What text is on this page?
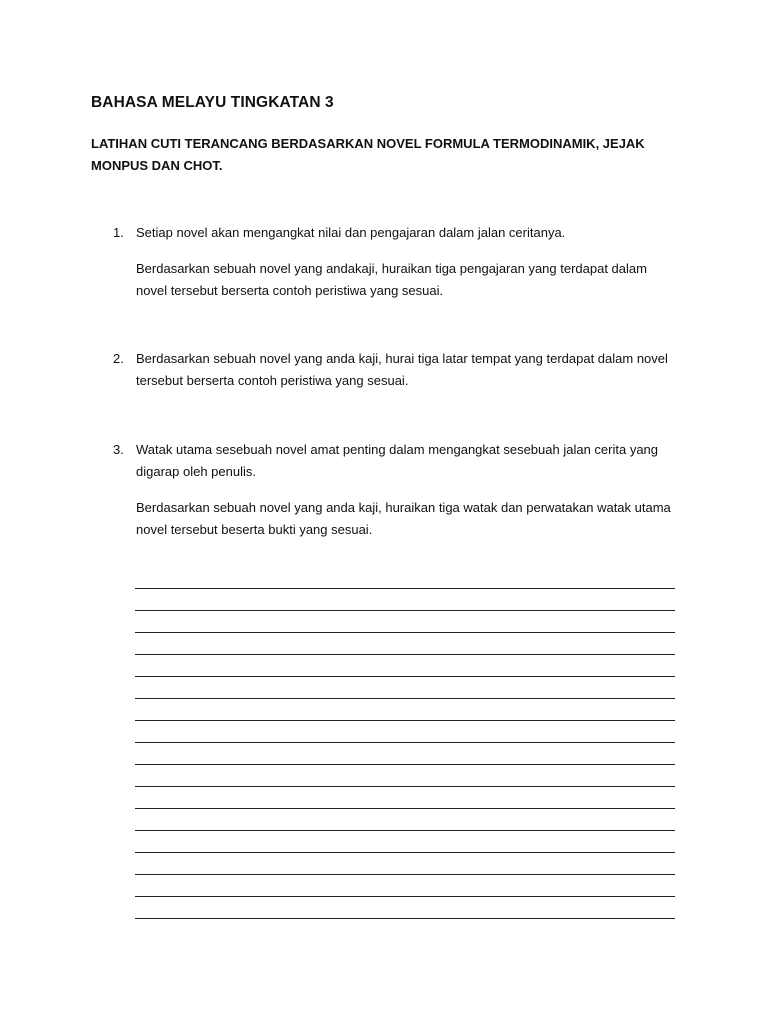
BAHASA MELAYU TINGKATAN 3
LATIHAN CUTI TERANCANG BERDASARKAN NOVEL FORMULA TERMODINAMIK, JEJAK MONPUS DAN CHOT.
1. Setiap novel akan mengangkat nilai dan pengajaran dalam jalan ceritanya.
Berdasarkan sebuah novel yang andakaji, huraikan tiga pengajaran yang terdapat dalam novel tersebut berserta contoh peristiwa yang sesuai.
2. Berdasarkan sebuah novel yang anda kaji, hurai tiga latar tempat yang terdapat dalam novel tersebut berserta contoh peristiwa yang sesuai.
3. Watak utama sesebuah novel amat penting dalam mengangkat sesebuah jalan cerita yang digarap oleh penulis.
Berdasarkan sebuah novel yang anda kaji, huraikan tiga watak dan perwatakan watak utama novel tersebut beserta bukti yang sesuai.
